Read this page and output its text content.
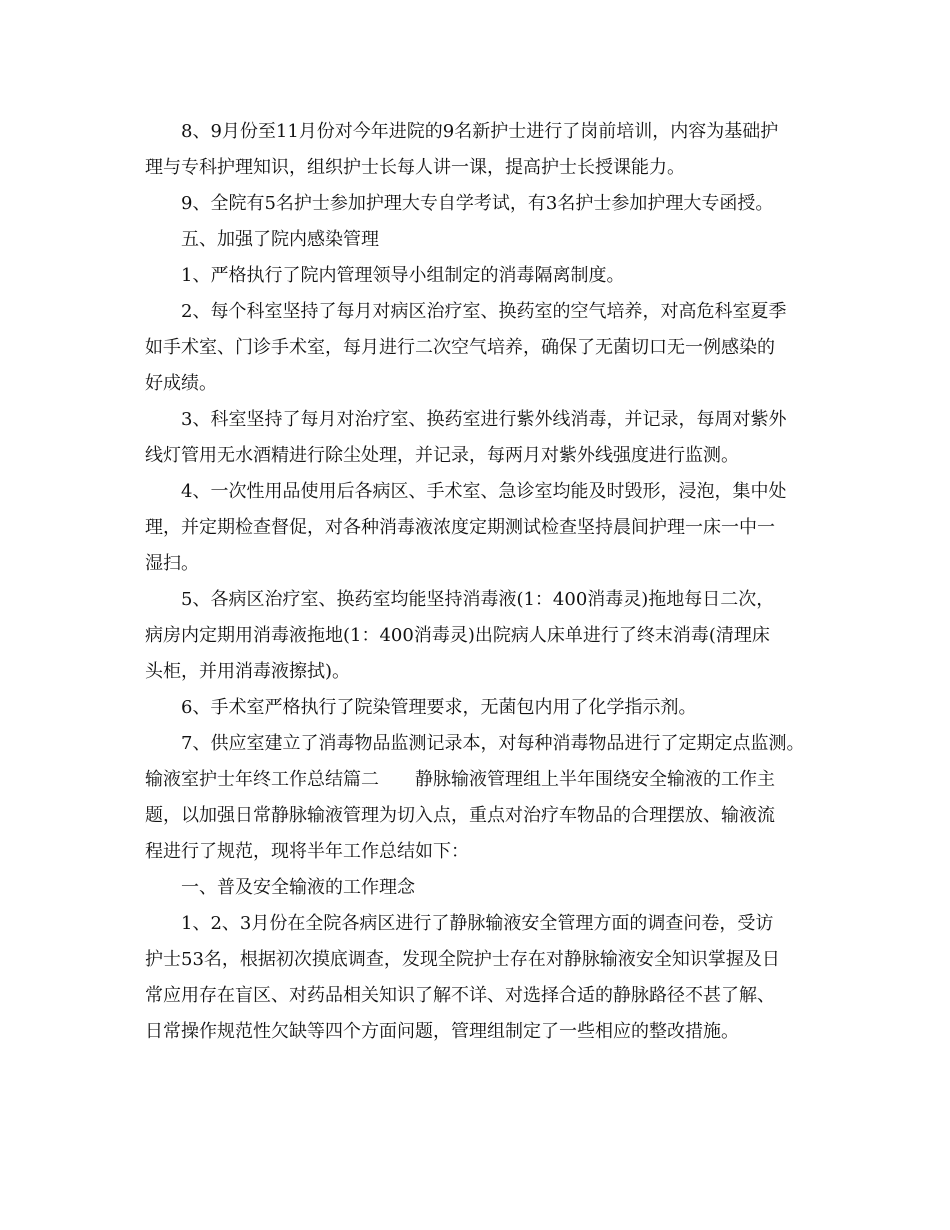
8、9月份至11月份对今年进院的9名新护士进行了岗前培训，内容为基础护
理与专科护理知识，组织护士长每人讲一课，提高护士长授课能力。
9、全院有5名护士参加护理大专自学考试，有3名护士参加护理大专函授。
五、加强了院内感染管理
1、严格执行了院内管理领导小组制定的消毒隔离制度。
2、每个科室坚持了每月对病区治疗室、换药室的空气培养，对高危科室夏季
如手术室、门诊手术室，每月进行二次空气培养，确保了无菌切口无一例感染的
好成绩。
3、科室坚持了每月对治疗室、换药室进行紫外线消毒，并记录，每周对紫外
线灯管用无水酒精进行除尘处理，并记录，每两月对紫外线强度进行监测。
4、一次性用品使用后各病区、手术室、急诊室均能及时毁形，浸泡，集中处
理，并定期检查督促，对各种消毒液浓度定期测试检查坚持晨间护理一床一中一
湿扫。
5、各病区治疗室、换药室均能坚持消毒液(1：400消毒灵)拖地每日二次，
病房内定期用消毒液拖地(1：400消毒灵)出院病人床单进行了终末消毒(清理床
头柜，并用消毒液擦拭)。
6、手术室严格执行了院染管理要求，无菌包内用了化学指示剂。
7、供应室建立了消毒物品监测记录本，对每种消毒物品进行了定期定点监测。
输液室护士年终工作总结篇二　　静脉输液管理组上半年围绕安全输液的工作主
题，以加强日常静脉输液管理为切入点，重点对治疗车物品的合理摆放、输液流
程进行了规范，现将半年工作总结如下：
一、普及安全输液的工作理念
1、2、3月份在全院各病区进行了静脉输液安全管理方面的调查问卷，受访
护士53名，根据初次摸底调查，发现全院护士存在对静脉输液安全知识掌握及日
常应用存在盲区、对药品相关知识了解不详、对选择合适的静脉路径不甚了解、
日常操作规范性欠缺等四个方面问题，管理组制定了一些相应的整改措施。
